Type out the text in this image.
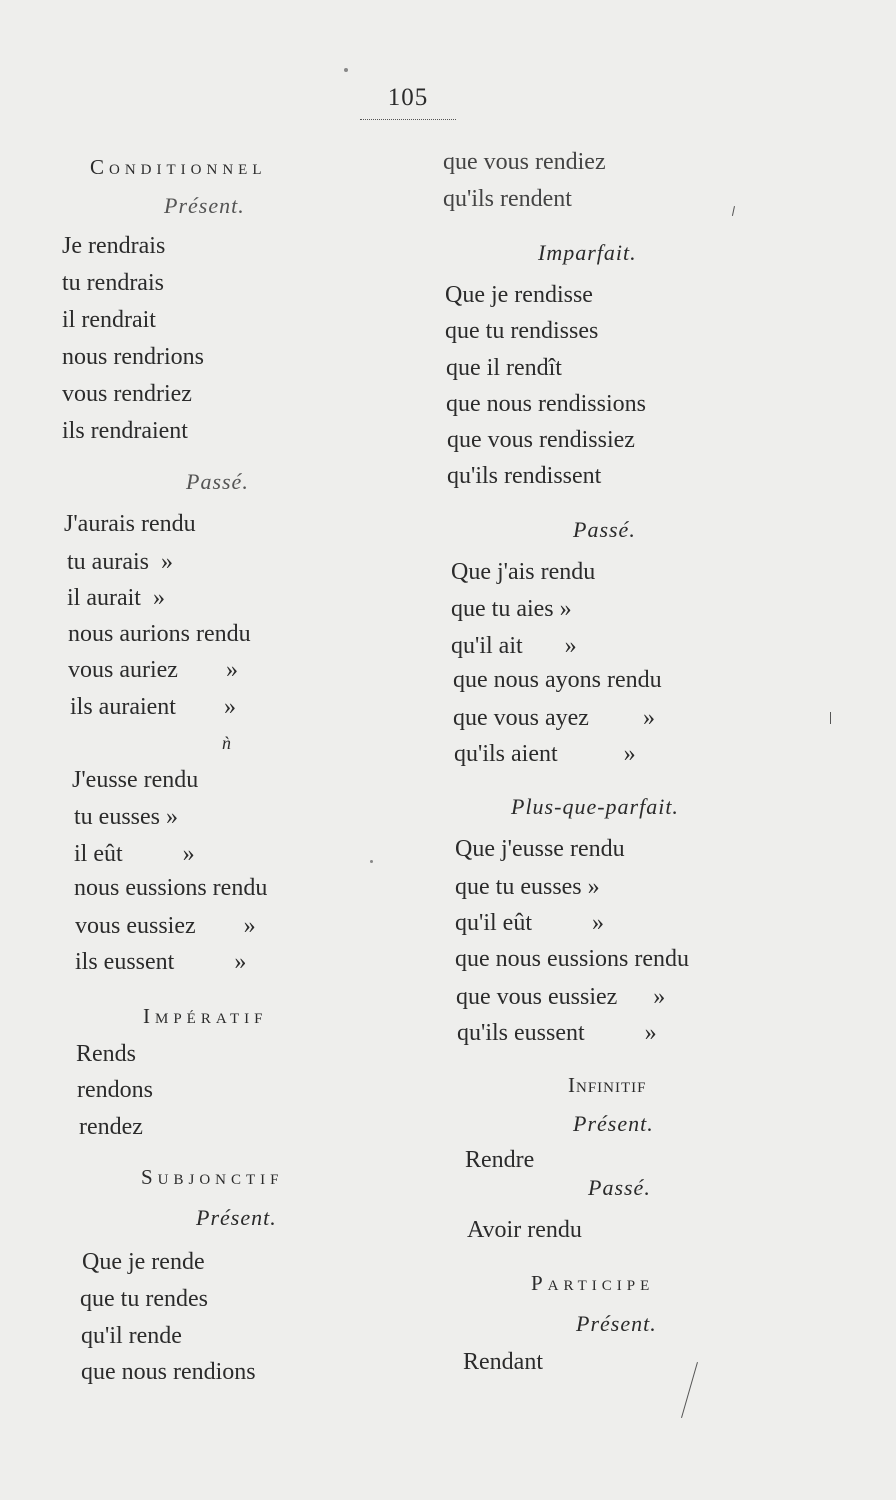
105
Conditionnel
Présent.
Je rendrais
tu rendrais
il rendrait
nous rendrions
vous rendriez
ils rendraient
Passé.
J'aurais rendu
tu aurais  »
il aurait  »
nous aurions rendu
vous auriez        »
ils auraient        »
ǹ
J'eusse rendu
tu eusses »
il eût          »
nous eussions rendu
vous eussiez        »
ils eussent          »
Impératif
Rends
rendons
rendez
Subjonctif
Présent.
Que je rende
que tu rendes
qu'il rende
que nous rendions
que vous rendiez
qu'ils rendent
Imparfait.
Que je rendisse
que tu rendisses
que il rendît
que nous rendissions
que vous rendissiez
qu'ils rendissent
Passé.
Que j'ais rendu
que tu aies »
qu'il ait       »
que nous ayons rendu
que vous ayez         »
qu'ils aient           »
Plus-que-parfait.
Que j'eusse rendu
que tu eusses »
qu'il eût          »
que nous eussions rendu
que vous eussiez      »
qu'ils eussent          »
Infinitif
Présent.
Rendre
Passé.
Avoir rendu
Participe
Présent.
Rendant
